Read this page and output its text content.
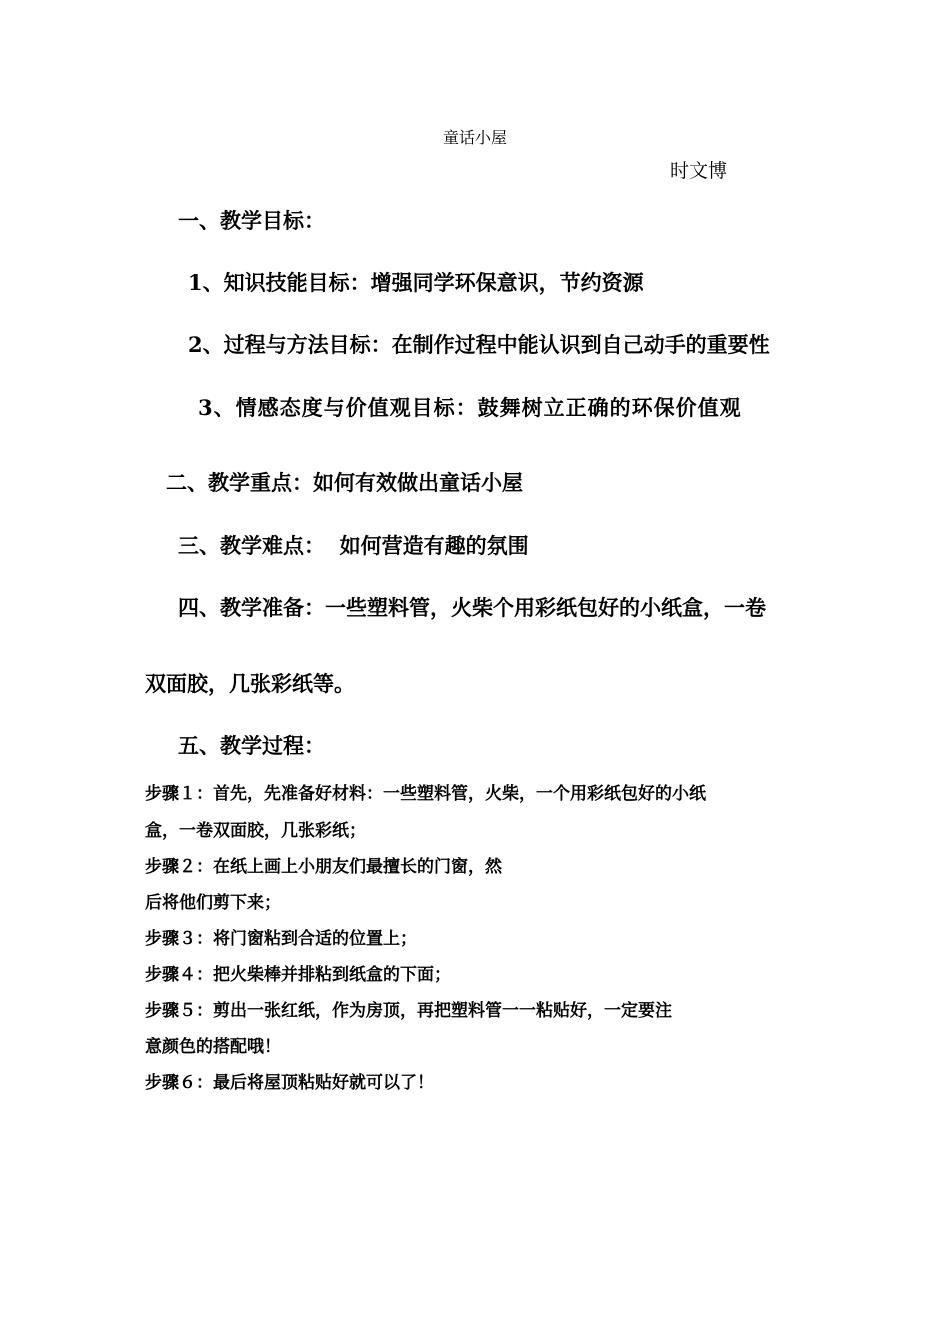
童话小屋
时文博
一、教学目标：
1、知识技能目标：增强同学环保意识，节约资源
2、过程与方法目标：在制作过程中能认识到自己动手的重要性
3、情感态度与价值观目标：鼓舞树立正确的环保价值观
二、教学重点：如何有效做出童话小屋
三、教学难点：  如何营造有趣的氛围
四、教学准备：一些塑料管，火柴个用彩纸包好的小纸盒，一卷
双面胶，几张彩纸等。
五、教学过程：
步骤１：首先，先准备好材料：一些塑料管，火柴，一个用彩纸包好的小纸
盒，一卷双面胶，几张彩纸；
步骤２：在纸上画上小朋友们最擅长的门窗，然
后将他们剪下来；
步骤３：将门窗粘到合适的位置上；
步骤４：把火柴棒并排粘到纸盒的下面；
步骤５：剪出一张红纸，作为房顶，再把塑料管一一粘贴好，一定要注
意颜色的搭配哦！
步骤６：最后将屋顶粘贴好就可以了！
